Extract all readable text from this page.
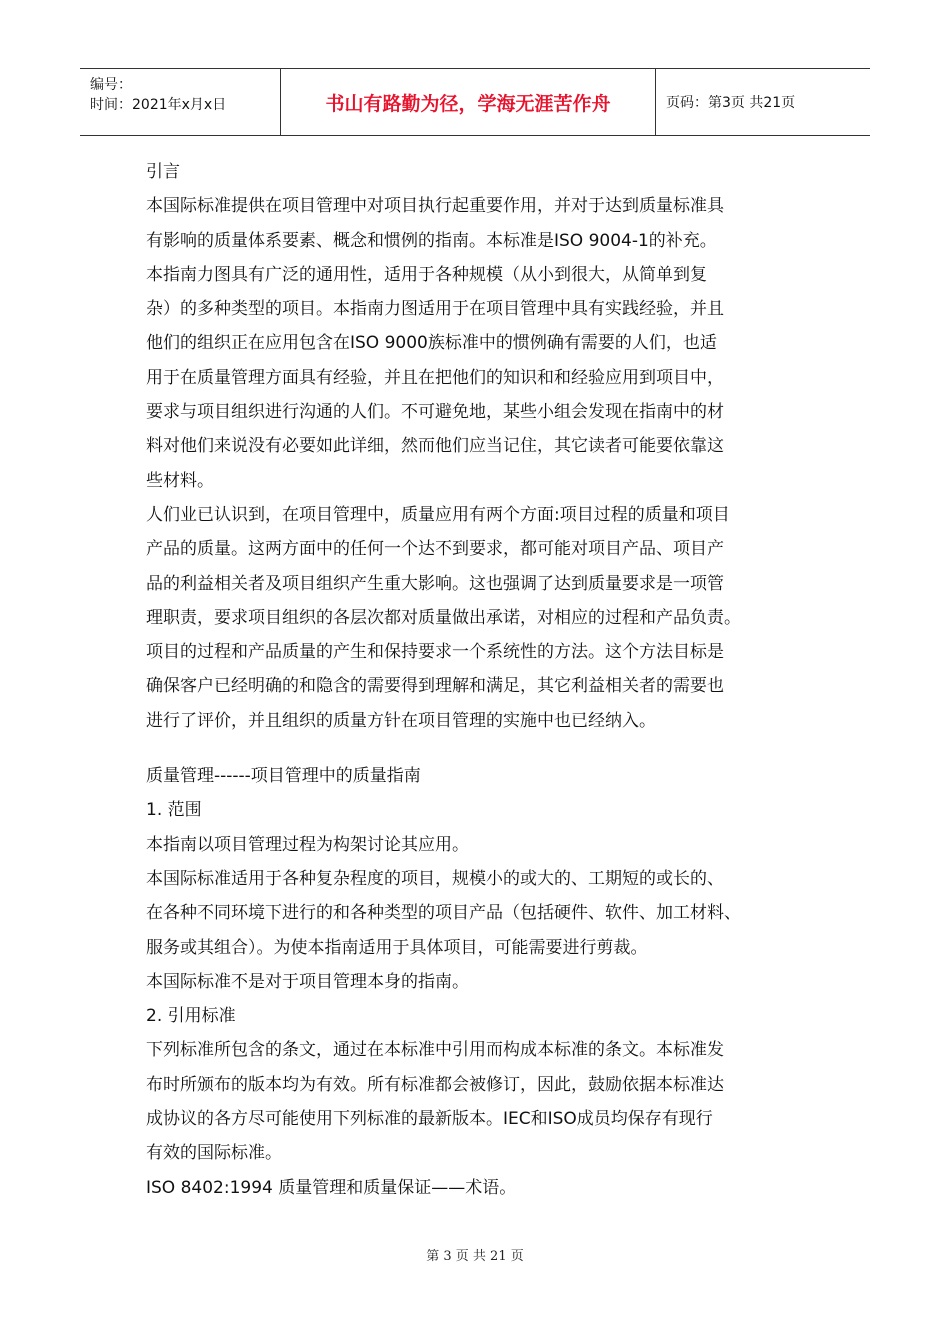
编号：
时间：2021年x月x日	书山有路勤为径，学海无涯苦作舟	页码：第3页 共21页

引言

本国际标准提供在项目管理中对项目执行起重要作用，并对于达到质量标准具

有影响的质量体系要素、概念和惯例的指南。本标准是ISO 9004-1的补充。

本指南力图具有广泛的通用性，适用于各种规模（从小到很大，从简单到复

杂）的多种类型的项目。本指南力图适用于在项目管理中具有实践经验，并且

他们的组织正在应用包含在ISO 9000族标准中的惯例确有需要的人们，也适

用于在质量管理方面具有经验，并且在把他们的知识和和经验应用到项目中，

要求与项目组织进行沟通的人们。不可避免地，某些小组会发现在指南中的材

料对他们来说没有必要如此详细，然而他们应当记住，其它读者可能要依靠这

些材料。

人们业已认识到，在项目管理中，质量应用有两个方面:项目过程的质量和项目

产品的质量。这两方面中的任何一个达不到要求，都可能对项目产品、项目产

品的利益相关者及项目组织产生重大影响。这也强调了达到质量要求是一项管

理职责，要求项目组织的各层次都对质量做出承诺，对相应的过程和产品负责。

项目的过程和产品质量的产生和保持要求一个系统性的方法。这个方法目标是

确保客户已经明确的和隐含的需要得到理解和满足，其它利益相关者的需要也

进行了评价，并且组织的质量方针在项目管理的实施中也已经纳入。

质量管理------项目管理中的质量指南

1. 范围

本指南以项目管理过程为构架讨论其应用。

本国际标准适用于各种复杂程度的项目，规模小的或大的、工期短的或长的、

在各种不同环境下进行的和各种类型的项目产品（包括硬件、软件、加工材料、

服务或其组合）。为使本指南适用于具体项目，可能需要进行剪裁。

本国际标准不是对于项目管理本身的指南。

2. 引用标准

下列标准所包含的条文，通过在本标准中引用而构成本标准的条文。本标准发

布时所颁布的版本均为有效。所有标准都会被修订，因此，鼓励依据本标准达

成协议的各方尽可能使用下列标准的最新版本。IEC和ISO成员均保存有现行

有效的国际标准。

ISO 8402:1994 质量管理和质量保证——术语。

第 3 页 共 21 页
